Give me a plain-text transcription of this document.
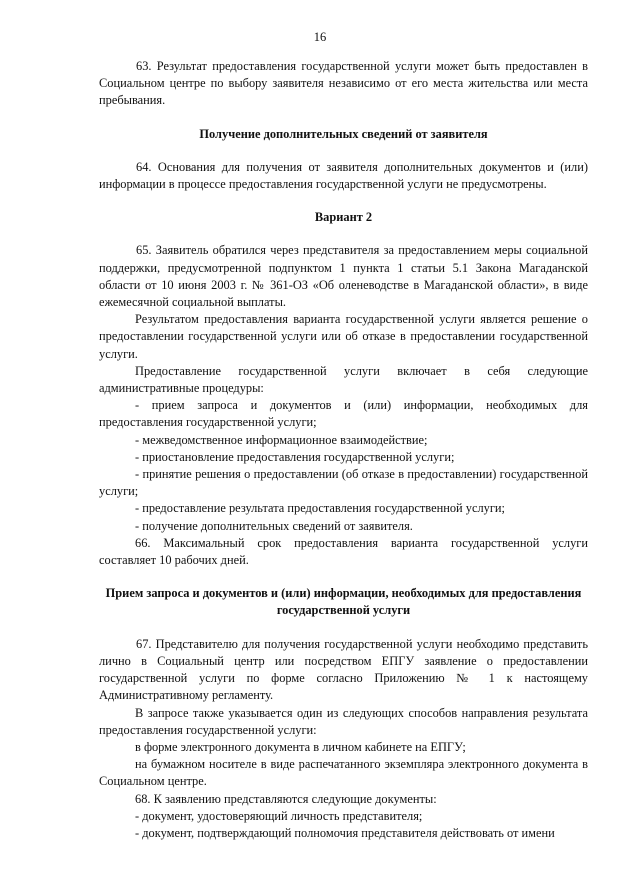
16

63. Результат предоставления государственной услуги может быть предоставлен в Социальном центре по выбору заявителя независимо от его места жительства или места пребывания.

Получение дополнительных сведений от заявителя

64. Основания для получения от заявителя дополнительных документов и (или) информации в процессе предоставления государственной услуги не предусмотрены.

Вариант 2

65. Заявитель обратился через представителя за предоставлением меры социальной поддержки, предусмотренной подпунктом 1 пункта 1 статьи 5.1 Закона Магаданской области от 10 июня 2003 г. № 361-ОЗ «Об оленеводстве в Магаданской области», в виде ежемесячной социальной выплаты.

Результатом предоставления варианта государственной услуги является решение о предоставлении государственной услуги или об отказе в предоставлении государственной услуги.

Предоставление государственной услуги включает в себя следующие административные процедуры:

- прием запроса и документов и (или) информации, необходимых для предоставления государственной услуги;

- межведомственное информационное взаимодействие;

- приостановление предоставления государственной услуги;

- принятие решения о предоставлении (об отказе в предоставлении) государственной услуги;

- предоставление результата предоставления государственной услуги;

- получение дополнительных сведений от заявителя.

66. Максимальный срок предоставления варианта государственной услуги составляет 10 рабочих дней.

Прием запроса и документов и (или) информации, необходимых для предоставления государственной услуги

67. Представителю для получения государственной услуги необходимо представить лично в Социальный центр или посредством ЕПГУ заявление о предоставлении государственной услуги по форме согласно Приложению № 1 к настоящему Административному регламенту.

В запросе также указывается один из следующих способов направления результата предоставления государственной услуги:

в форме электронного документа в личном кабинете на ЕПГУ;

на бумажном носителе в виде распечатанного экземпляра электронного документа в Социальном центре.

68. К заявлению представляются следующие документы:

- документ, удостоверяющий личность представителя;

- документ, подтверждающий полномочия представителя действовать от имени
